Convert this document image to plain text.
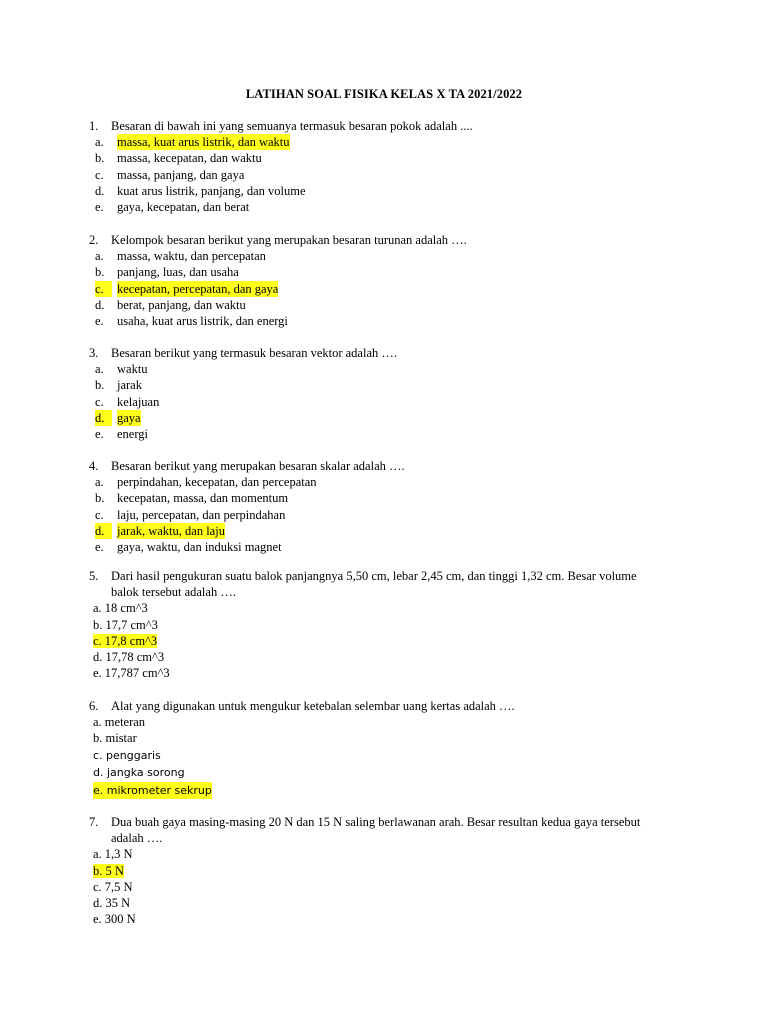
LATIHAN SOAL FISIKA KELAS X TA 2021/2022
1. Besaran di bawah ini yang semuanya termasuk besaran pokok adalah ....
a. massa, kuat arus listrik, dan waktu
b. massa, kecepatan, dan waktu
c. massa, panjang, dan gaya
d. kuat arus listrik, panjang, dan volume
e. gaya, kecepatan, dan berat
2. Kelompok besaran berikut yang merupakan besaran turunan adalah ….
a. massa, waktu, dan percepatan
b. panjang, luas, dan usaha
c.	kecepatan, percepatan, dan gaya
d. berat, panjang, dan waktu
e. usaha, kuat arus listrik, dan energi
3. Besaran berikut yang termasuk besaran vektor adalah ….
a. waktu
b. jarak
c. kelajuan
d.	gaya
e. energi
4. Besaran berikut yang merupakan besaran skalar adalah ….
a. perpindahan, kecepatan, dan percepatan
b. kecepatan, massa, dan momentum
c. laju, percepatan, dan perpindahan
d.	jarak, waktu, dan laju
e. gaya, waktu, dan induksi magnet
5. Dari hasil pengukuran suatu balok panjangnya 5,50 cm, lebar 2,45 cm, dan tinggi 1,32 cm. Besar volume
balok tersebut adalah ….
a. 18 cm^3
b. 17,7 cm^3
c. 17,8 cm^3
d. 17,78 cm^3
e. 17,787 cm^3
6. Alat yang digunakan untuk mengukur ketebalan selembar uang kertas adalah ….
a. meteran
b. mistar
c. penggaris
d. jangka sorong
e. mikrometer sekrup
7. Dua buah gaya masing-masing 20 N dan 15 N saling berlawanan arah. Besar resultan kedua gaya tersebut
adalah ….
a. 1,3 N
b. 5 N
c. 7,5 N
d. 35 N
e. 300 N
